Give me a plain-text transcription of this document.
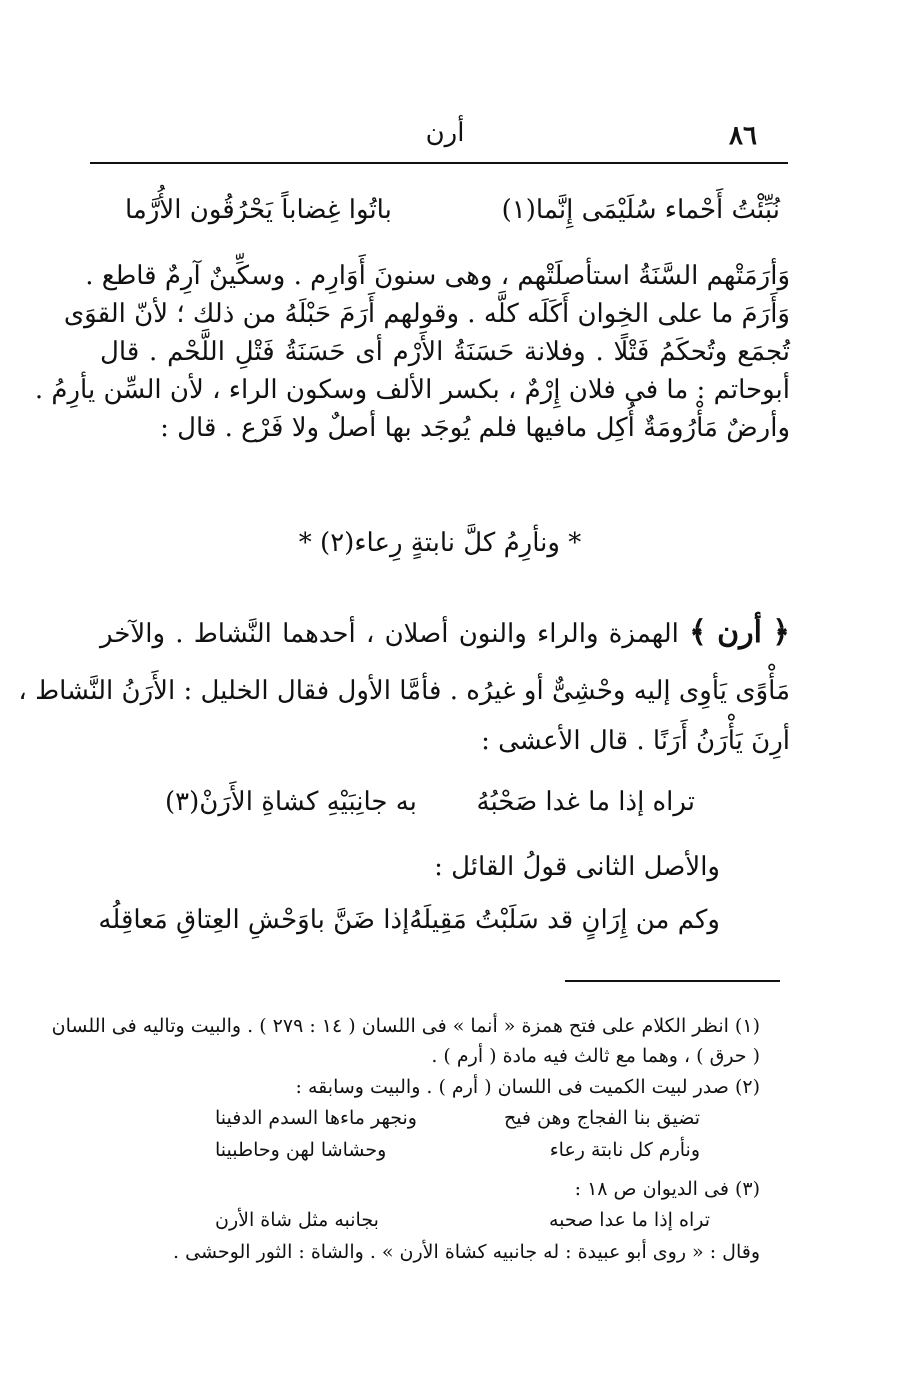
٨٦
أرن
نُبِّئْتُ أَحْماء سُلَيْمَى إِنَّما(١)
باتُوا غِضاباً يَحْرُقُون الأُرَّما
وَأرَمَتْهم السَّنَةُ استأصلَتْهم ، وهى سنونَ أَوَارِم . وسكِّينٌ آرِمٌ قاطع .
وَأَرَمَ ما على الخِوان أَكَلَه كلَّه . وقولهم أَرَمَ حَبْلَهُ من ذلك ؛ لأنّ القوَى
تُجمَع وتُحكَمُ فَتْلًا . وفلانة حَسَنَةُ الأَرْم أى حَسَنَةُ فَتْلِ اللَّحْم . قال
أبوحاتم : ما فى فلان إِرْمٌ ، بكسر الألف وسكون الراء ، لأن السِّن يأرِمُ .
وأرضٌ مَأْرُومَةٌ أُكِل مافيها فلم يُوجَد بها أصلٌ ولا فَرْع . قال :
* ونأرِمُ كلَّ نابتةٍ رِعاء(٢) *
﴿ أرن ﴾ الهمزة والراء والنون أصلان ، أحدهما النَّشاط . والآخر
مَأْوًى يَأوِى إليه وحْشِىٌّ أو غيرُه . فأمَّا الأول فقال الخليل : الأَرَنُ النَّشاط ،
أرِنَ يَأْرَنُ أَرَنًا . قال الأعشى :
تراه إذا ما غدا صَحْبُهُ
به جانِبَيْهِ كشاةِ الأَرَنْ(٣)
والأصل الثانى قولُ القائل :
وكم من إِرَانٍ قد سَلَبْتُ مَقِيلَهُ
إذا ضَنَّ باوَحْشِ العِتاقِ مَعاقِلُه
(١) انظر الكلام على فتح همزة « أنما » فى اللسان ( ١٤ : ٢٧٩ ) . والبيت وتاليه فى اللسان
( حرق ) ، وهما مع ثالث فيه مادة ( أرم ) .
(٢) صدر لبيت الكميت فى اللسان ( أرم ) . والبيت وسابقه :
تضيق بنا الفجاج وهن فيح
ونجهر ماءها السدم الدفينا
ونأرم كل نابتة رعاء
وحشاشا لهن وحاطبينا
(٣) فى الديوان ص ١٨ :
تراه إذا ما عدا صحبه
بجانبه مثل شاة الأرن
وقال : « روى أبو عبيدة : له جانبيه كشاة الأرن » . والشاة : الثور الوحشى .
